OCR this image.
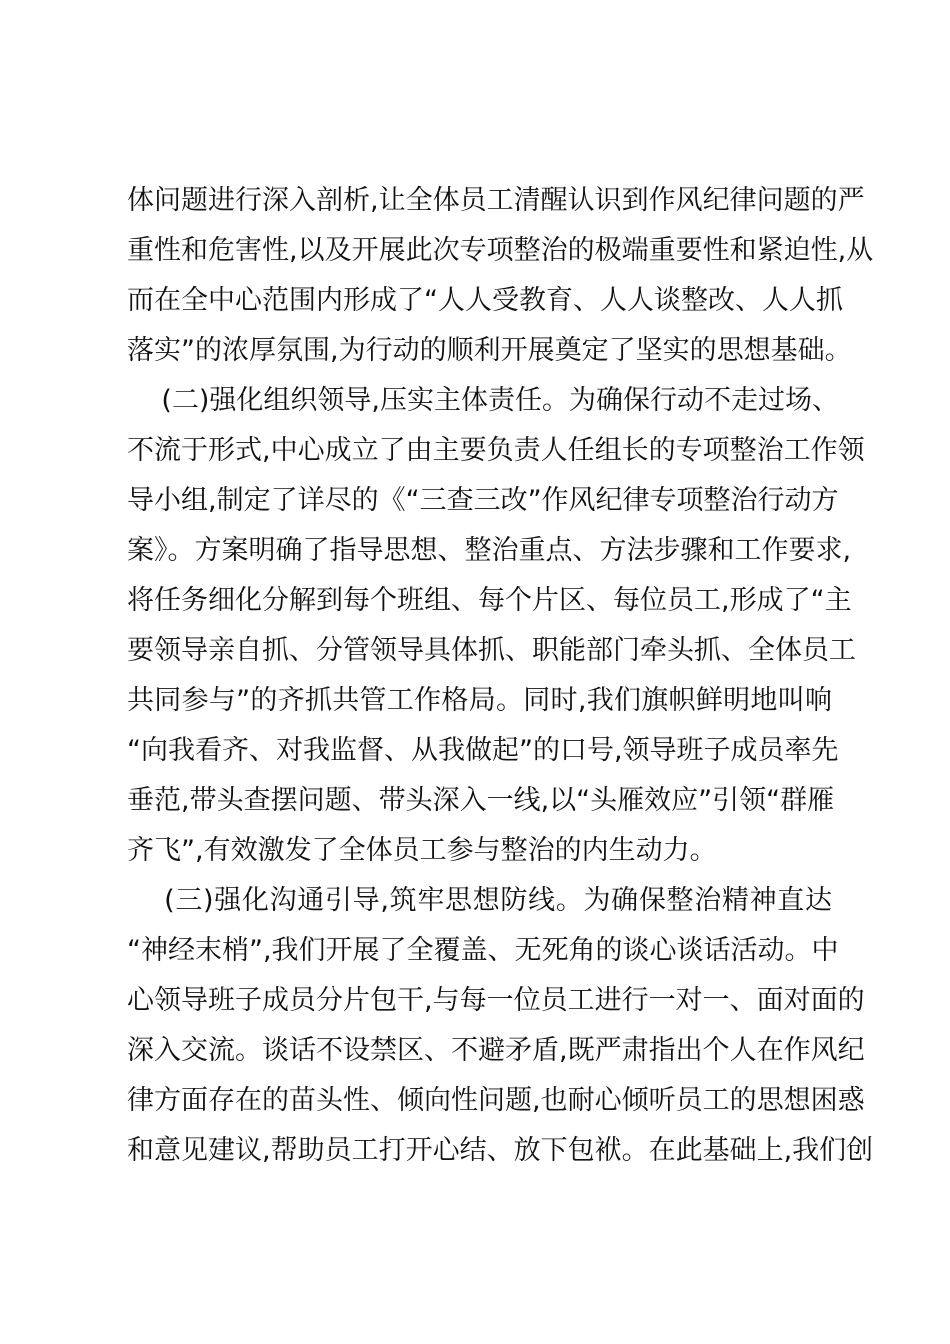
体问题进行深入剖析,让全体员工清醒认识到作风纪律问题的严
重性和危害性,以及开展此次专项整治的极端重要性和紧迫性,从
而在全中心范围内形成了“人人受教育、人人谈整改、人人抓
落实”的浓厚氛围,为行动的顺利开展奠定了坚实的思想基础。
(二)强化组织领导,压实主体责任。为确保行动不走过场、
不流于形式,中心成立了由主要负责人任组长的专项整治工作领
导小组,制定了详尽的《“三查三改”作风纪律专项整治行动方
案》。方案明确了指导思想、整治重点、方法步骤和工作要求,
将任务细化分解到每个班组、每个片区、每位员工,形成了“主
要领导亲自抓、分管领导具体抓、职能部门牵头抓、全体员工
共同参与”的齐抓共管工作格局。同时,我们旗帜鲜明地叫响
“向我看齐、对我监督、从我做起”的口号,领导班子成员率先
垂范,带头查摆问题、带头深入一线,以“头雁效应”引领“群雁
齐飞”,有效激发了全体员工参与整治的内生动力。
(三)强化沟通引导,筑牢思想防线。为确保整治精神直达
“神经末梢”,我们开展了全覆盖、无死角的谈心谈话活动。中
心领导班子成员分片包干,与每一位员工进行一对一、面对面的
深入交流。谈话不设禁区、不避矛盾,既严肃指出个人在作风纪
律方面存在的苗头性、倾向性问题,也耐心倾听员工的思想困惑
和意见建议,帮助员工打开心结、放下包袱。在此基础上,我们创
